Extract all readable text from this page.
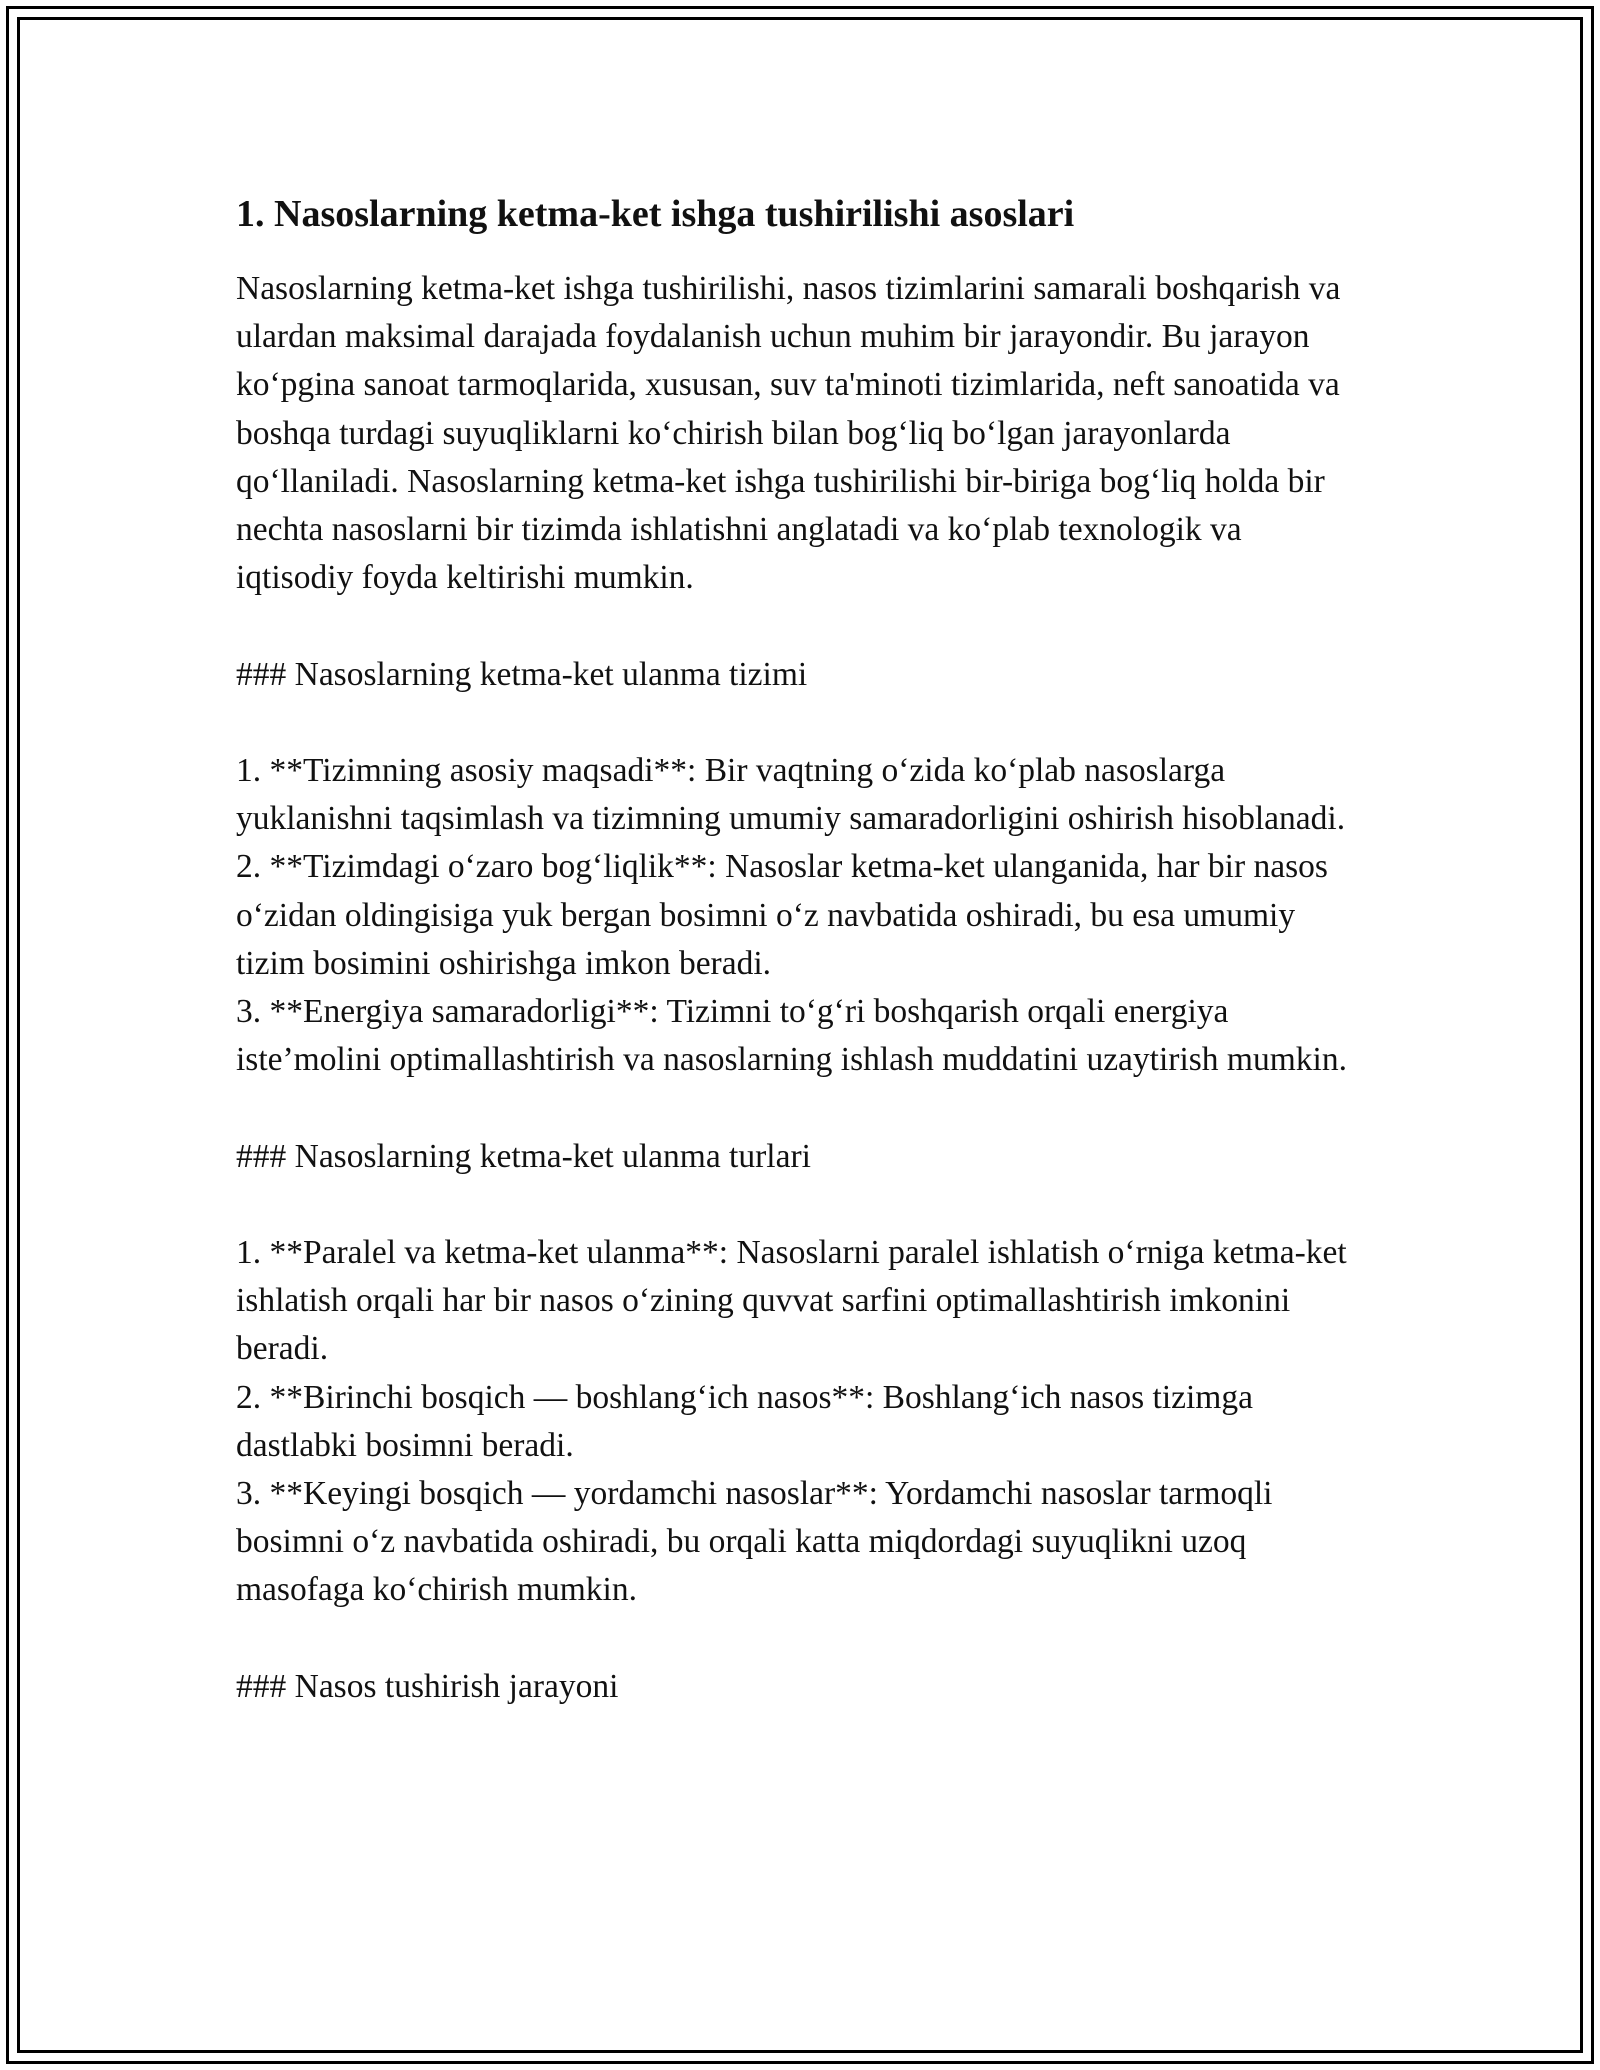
1. Nasoslarning ketma-ket ishga tushirilishi asoslari

Nasoslarning ketma-ket ishga tushirilishi, nasos tizimlarini samarali boshqarish va ulardan maksimal darajada foydalanish uchun muhim bir jarayondir. Bu jarayon ko‘pgina sanoat tarmoqlarida, xususan, suv ta'minoti tizimlarida, neft sanoatida va boshqa turdagi suyuqliklarni ko‘chirish bilan bog‘liq bo‘lgan jarayonlarda qo‘llaniladi. Nasoslarning ketma-ket ishga tushirilishi bir-biriga bog‘liq holda bir nechta nasoslarni bir tizimda ishlatishni anglatadi va ko‘plab texnologik va iqtisodiy foyda keltirishi mumkin.

### Nasoslarning ketma-ket ulanma tizimi

1. **Tizimning asosiy maqsadi**: Bir vaqtning o‘zida ko‘plab nasoslarga yuklanishni taqsimlash va tizimning umumiy samaradorligini oshirish hisoblanadi.

2. **Tizimdagi o‘zaro bog‘liqlik**: Nasoslar ketma-ket ulanganida, har bir nasos o‘zidan oldingisiga yuk bergan bosimni o‘z navbatida oshiradi, bu esa umumiy tizim bosimini oshirishga imkon beradi.

3. **Energiya samaradorligi**: Tizimni to‘g‘ri boshqarish orqali energiya iste’molini optimallashtirish va nasoslarning ishlash muddatini uzaytirish mumkin.

### Nasoslarning ketma-ket ulanma turlari

1. **Paralel va ketma-ket ulanma**: Nasoslarni paralel ishlatish o‘rniga ketma-ket ishlatish orqali har bir nasos o‘zining quvvat sarfini optimallashtirish imkonini beradi.

2. **Birinchi bosqich — boshlang‘ich nasos**: Boshlang‘ich nasos tizimga dastlabki bosimni beradi.

3. **Keyingi bosqich — yordamchi nasoslar**: Yordamchi nasoslar tarmoqli bosimni o‘z navbatida oshiradi, bu orqali katta miqdordagi suyuqlikni uzoq masofaga ko‘chirish mumkin.

### Nasos tushirish jarayoni
